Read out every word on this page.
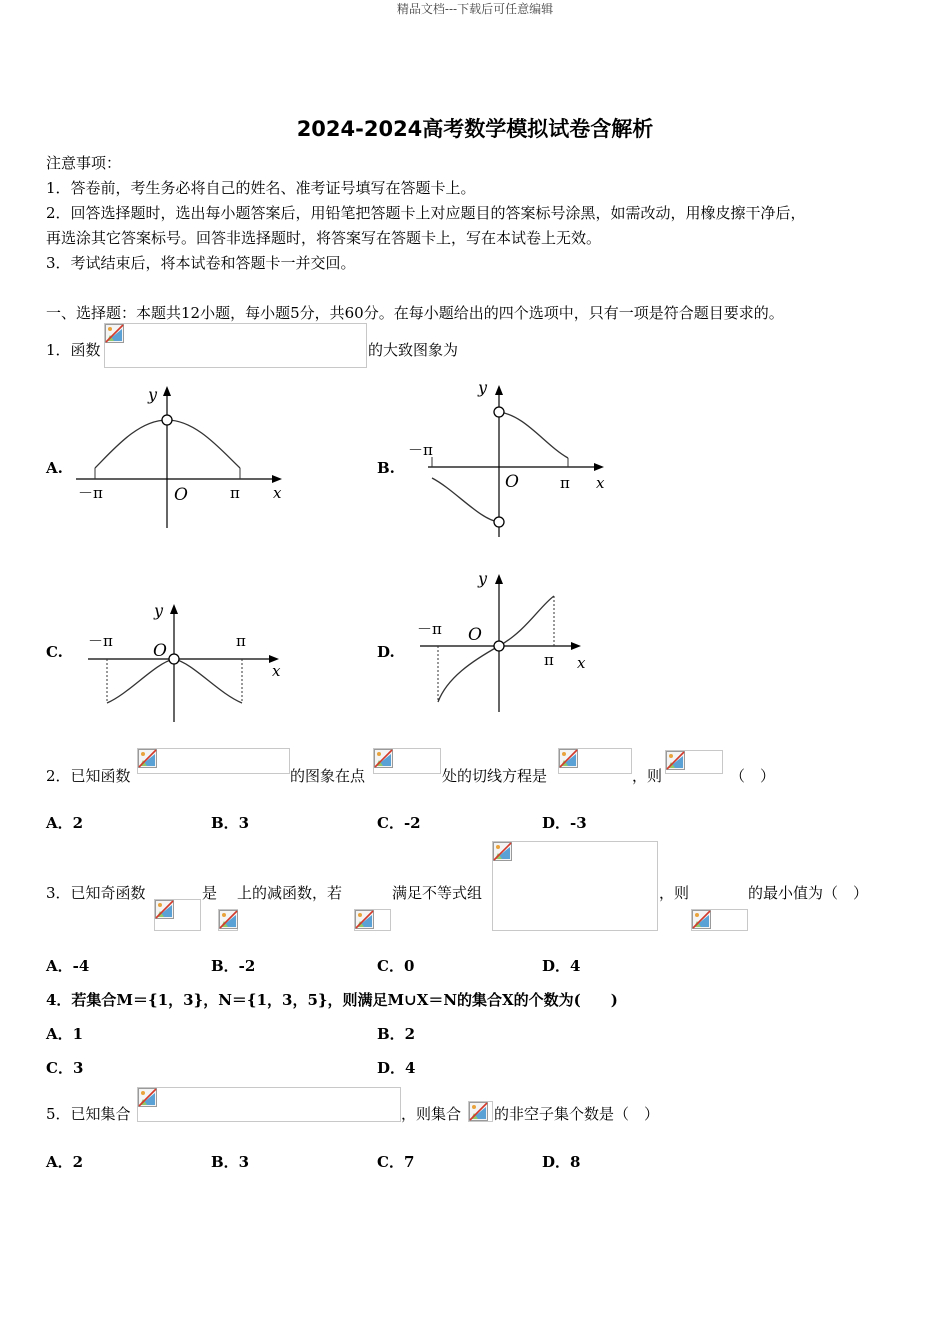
精品文档---下载后可任意编辑
2024-2024高考数学模拟试卷含解析
注意事项：
1．答卷前，考生务必将自己的姓名、准考证号填写在答题卡上。
2．回答选择题时，选出每小题答案后，用铅笔把答题卡上对应题目的答案标号涂黑，如需改动，用橡皮擦干净后，
再选涂其它答案标号。回答非选择题时，将答案写在答题卡上，写在本试卷上无效。
3．考试结束后，将本试卷和答题卡一并交回。
一、选择题：本题共12小题，每小题5分，共60分。在每小题给出的四个选项中，只有一项是符合题目要求的。
1．函数	的大致图象为
A.	B.
C.	D.
y
x
O
－π	π
y
x
O
－π
π
y
x
O
－π	π
y
x
O
－π
π
2．已知函数	的图象在点	处的切线方程是	，则	（　）
A．2	B．3	C．-2	D．-3
3．已知奇函数	是 上的减函数，若	满足不等式组	，则	的最小值为（　）
A．-4	B．-2	C．0	D．4
4．若集合M＝{1，3}，N＝{1，3，5}，则满足M∪X＝N的集合X的个数为(　　)
A．1	B．2
C．3	D．4
5．已知集合	，则集合 的非空子集个数是（　）
A．2	B．3	C．7	D．8
